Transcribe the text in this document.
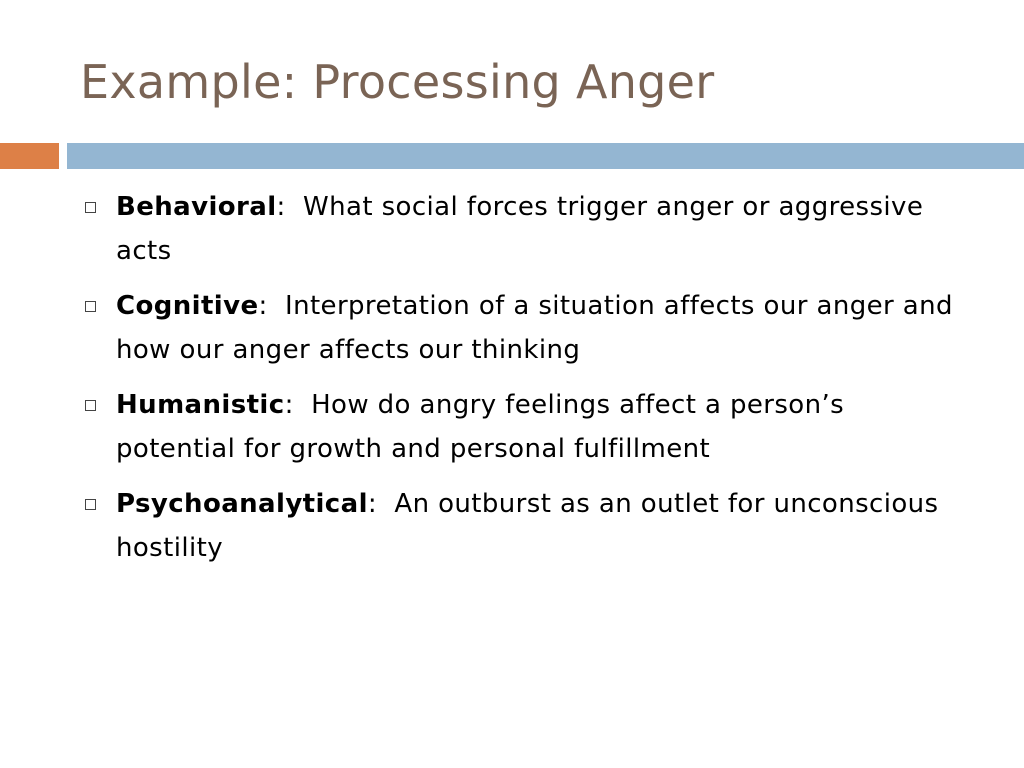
Example: Processing Anger
Behavioral:  What social forces trigger anger or aggressive acts
Cognitive:  Interpretation of a situation affects our anger and how our anger affects our thinking
Humanistic:  How do angry feelings affect a person’s potential for growth and personal fulfillment
Psychoanalytical:  An outburst as an outlet for unconscious hostility
